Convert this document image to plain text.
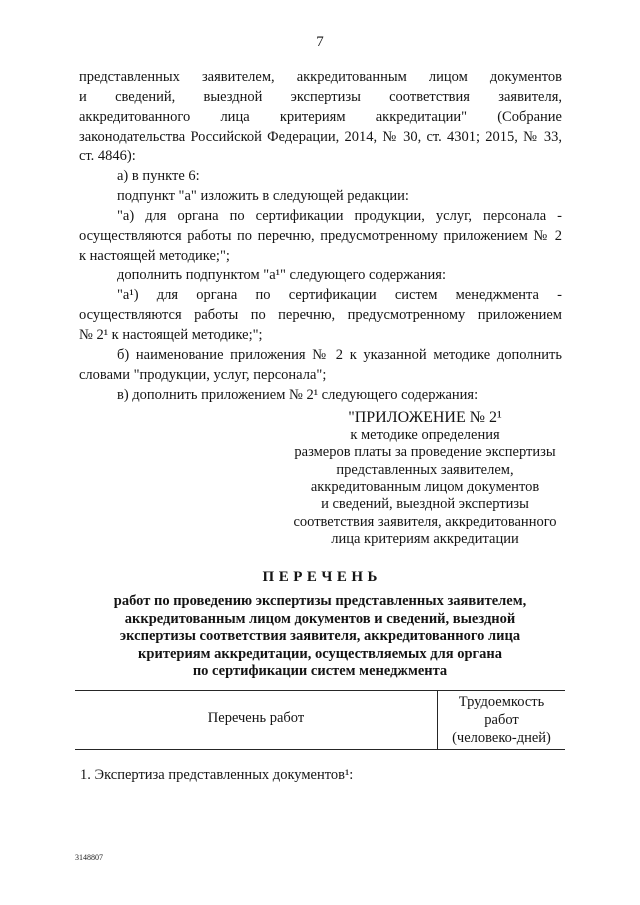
7
представленных заявителем, аккредитованным лицом документов
и сведений, выездной экспертизы соответствия заявителя,
аккредитованного лица критериям аккредитации" (Собрание
законодательства Российской Федерации, 2014, № 30, ст. 4301; 2015, № 33,
ст. 4846):
а) в пункте 6:
подпункт "а" изложить в следующей редакции:
"а) для органа по сертификации продукции, услуг, персонала -
осуществляются работы по перечню, предусмотренному приложением № 2
к настоящей методике;";
дополнить подпунктом "а¹" следующего содержания:
"а¹) для органа по сертификации систем менеджмента -
осуществляются работы по перечню, предусмотренному приложением
№ 2¹ к настоящей методике;";
б) наименование приложения № 2 к указанной методике дополнить
словами "продукции, услуг, персонала";
в) дополнить приложением № 2¹ следующего содержания:
"ПРИЛОЖЕНИЕ № 2¹
к методике определения
размеров платы за проведение экспертизы
представленных заявителем,
аккредитованным лицом документов
и сведений, выездной экспертизы
соответствия заявителя, аккредитованного
лица критериям аккредитации
ПЕРЕЧЕНЬ
работ по проведению экспертизы представленных заявителем,
аккредитованным лицом документов и сведений, выездной
экспертизы соответствия заявителя, аккредитованного лица
критериям аккредитации, осуществляемых для органа
по сертификации систем менеджмента
Перечень работ
Трудоемкость
работ
(человеко-дней)
1. Экспертиза представленных документов¹:
3148807
